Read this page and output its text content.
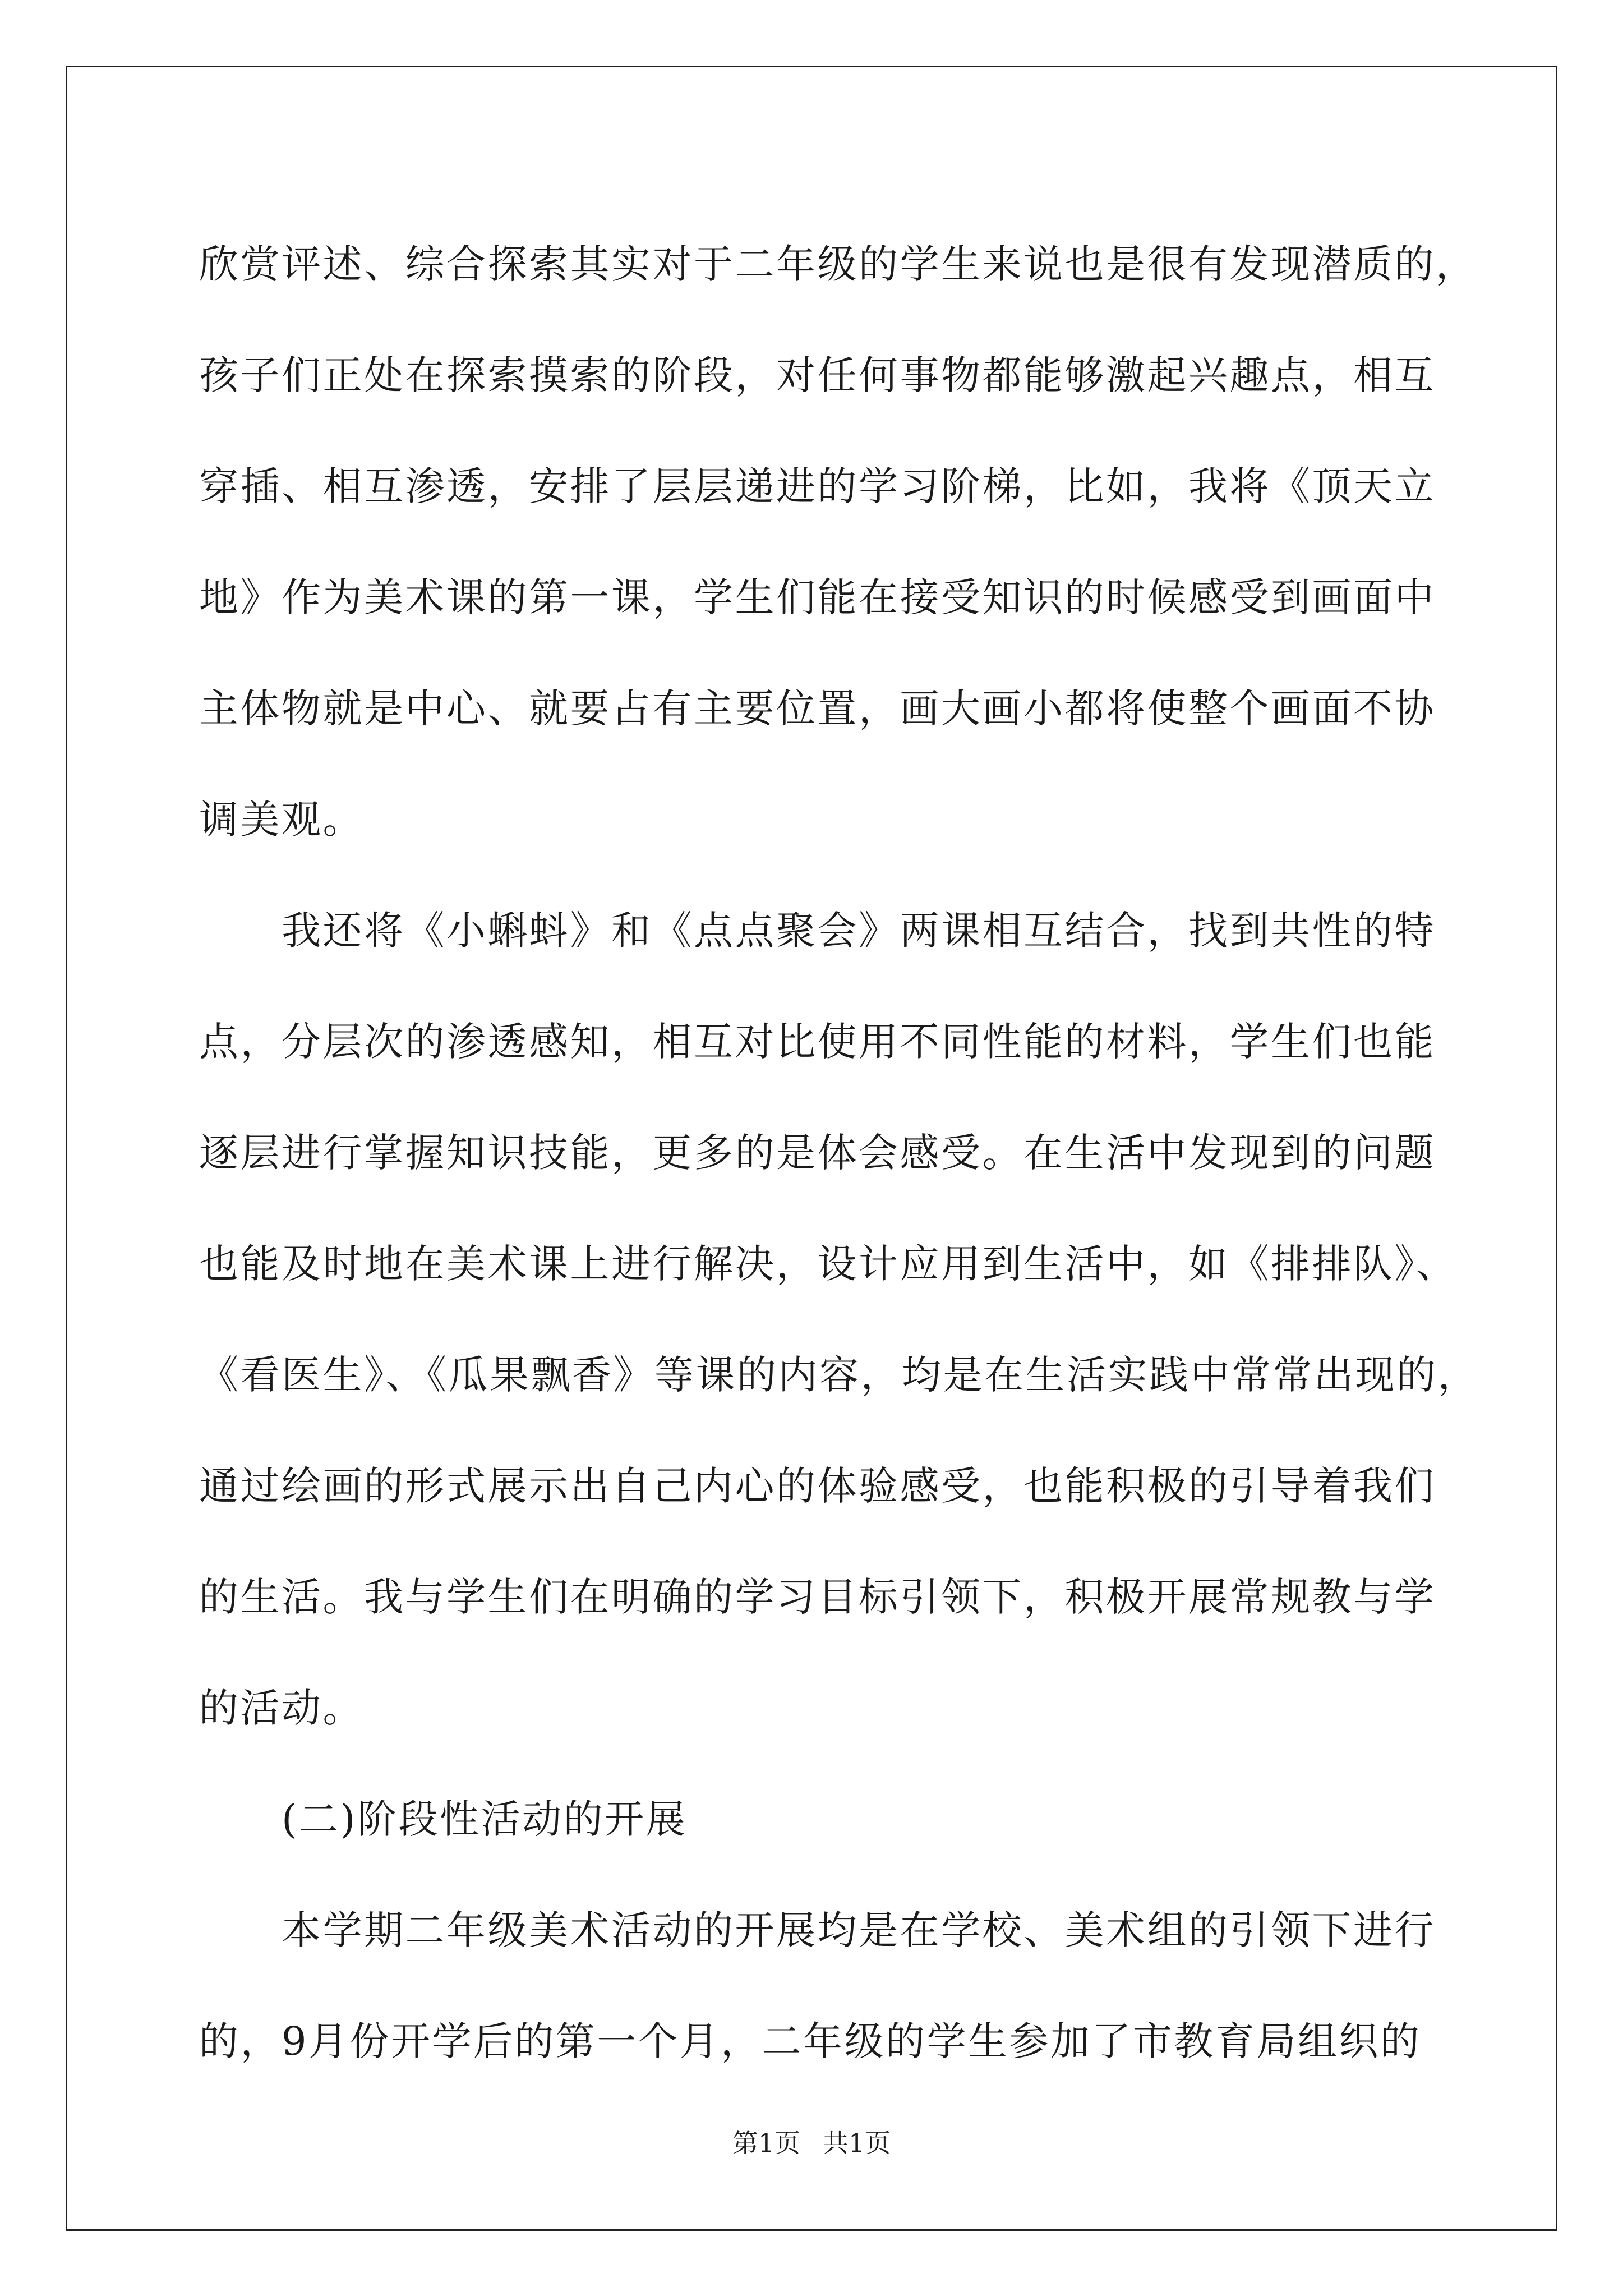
欣赏评述、综合探索其实对于二年级的学生来说也是很有发现潜质的，
孩子们正处在探索摸索的阶段，对任何事物都能够激起兴趣点，相互
穿插、相互渗透，安排了层层递进的学习阶梯，比如，我将《顶天立
地》作为美术课的第一课，学生们能在接受知识的时候感受到画面中
主体物就是中心、就要占有主要位置，画大画小都将使整个画面不协
调美观。
　　我还将《小蝌蚪》和《点点聚会》两课相互结合，找到共性的特
点，分层次的渗透感知，相互对比使用不同性能的材料，学生们也能
逐层进行掌握知识技能，更多的是体会感受。在生活中发现到的问题
也能及时地在美术课上进行解决，设计应用到生活中，如《排排队》、
《看医生》、《瓜果飘香》等课的内容，均是在生活实践中常常出现的，
通过绘画的形式展示出自己内心的体验感受，也能积极的引导着我们
的生活。我与学生们在明确的学习目标引领下，积极开展常规教与学
的活动。
　　(二)阶段性活动的开展
　　本学期二年级美术活动的开展均是在学校、美术组的引领下进行
的，9月份开学后的第一个月，二年级的学生参加了市教育局组织的
第1页 共1页
